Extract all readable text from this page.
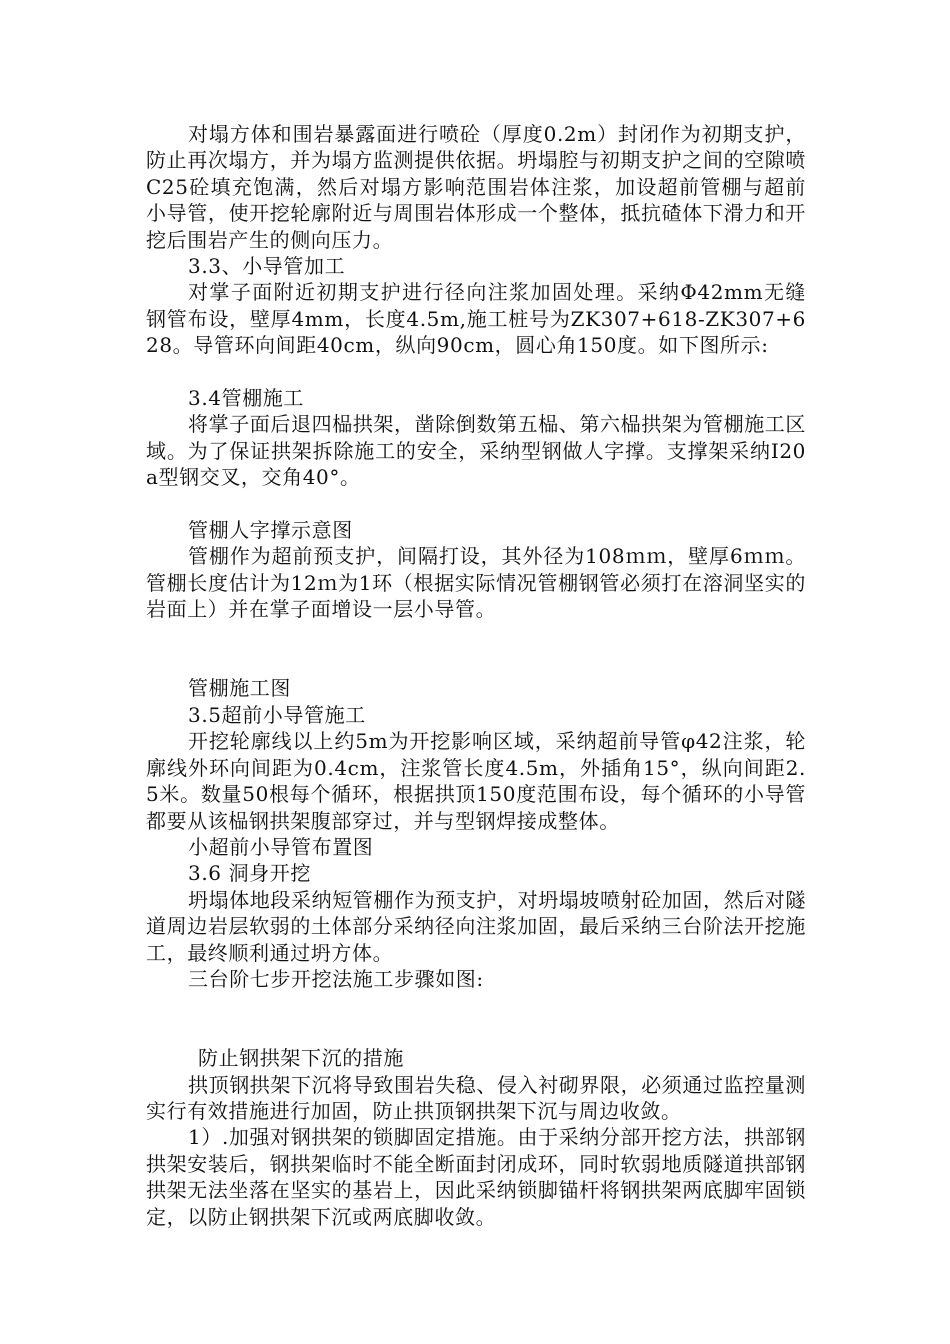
对塌方体和围岩暴露面进行喷砼（厚度0.2m）封闭作为初期支护，防止再次塌方，并为塌方监测提供依据。坍塌腔与初期支护之间的空隙喷C25砼填充饱满，然后对塌方影响范围岩体注浆，加设超前管棚与超前小导管，使开挖轮廓附近与周围岩体形成一个整体，抵抗碴体下滑力和开挖后围岩产生的侧向压力。

3.3、小导管加工

对掌子面附近初期支护进行径向注浆加固处理。采纳Φ42mm无缝钢管布设，壁厚4mm，长度4.5m,施工桩号为ZK307+618-ZK307+628。导管环向间距40cm，纵向90cm，圆心角150度。如下图所示:

3.4管棚施工

将掌子面后退四榀拱架，凿除倒数第五榀、第六榀拱架为管棚施工区域。为了保证拱架拆除施工的安全，采纳型钢做人字撑。支撑架采纳I20a型钢交叉，交角40°。

管棚人字撑示意图

管棚作为超前预支护，间隔打设，其外径为108ｍｍ，壁厚6ｍｍ。管棚长度估计为12ｍ为1环（根据实际情况管棚钢管必须打在溶洞坚实的岩面上）并在掌子面增设一层小导管。

管棚施工图

3.5超前小导管施工

开挖轮廓线以上约5m为开挖影响区域，采纳超前导管φ42注浆，轮廓线外环向间距为0.4cm，注浆管长度4.5m，外插角15°，纵向间距2.5米。数量50根每个循环，根据拱顶150度范围布设，每个循环的小导管都要从该榀钢拱架腹部穿过，并与型钢焊接成整体。

小超前小导管布置图

3.6 洞身开挖

坍塌体地段采纳短管棚作为预支护，对坍塌坡喷射砼加固，然后对隧道周边岩层软弱的土体部分采纳径向注浆加固，最后采纳三台阶法开挖施工，最终顺利通过坍方体。

三台阶七步开挖法施工步骤如图:

防止钢拱架下沉的措施

拱顶钢拱架下沉将导致围岩失稳、侵入衬砌界限，必须通过监控量测实行有效措施进行加固，防止拱顶钢拱架下沉与周边收敛。

1）.加强对钢拱架的锁脚固定措施。由于采纳分部开挖方法，拱部钢拱架安装后，钢拱架临时不能全断面封闭成环，同时软弱地质隧道拱部钢拱架无法坐落在坚实的基岩上，因此采纳锁脚锚杆将钢拱架两底脚牢固锁定，以防止钢拱架下沉或两底脚收敛。
